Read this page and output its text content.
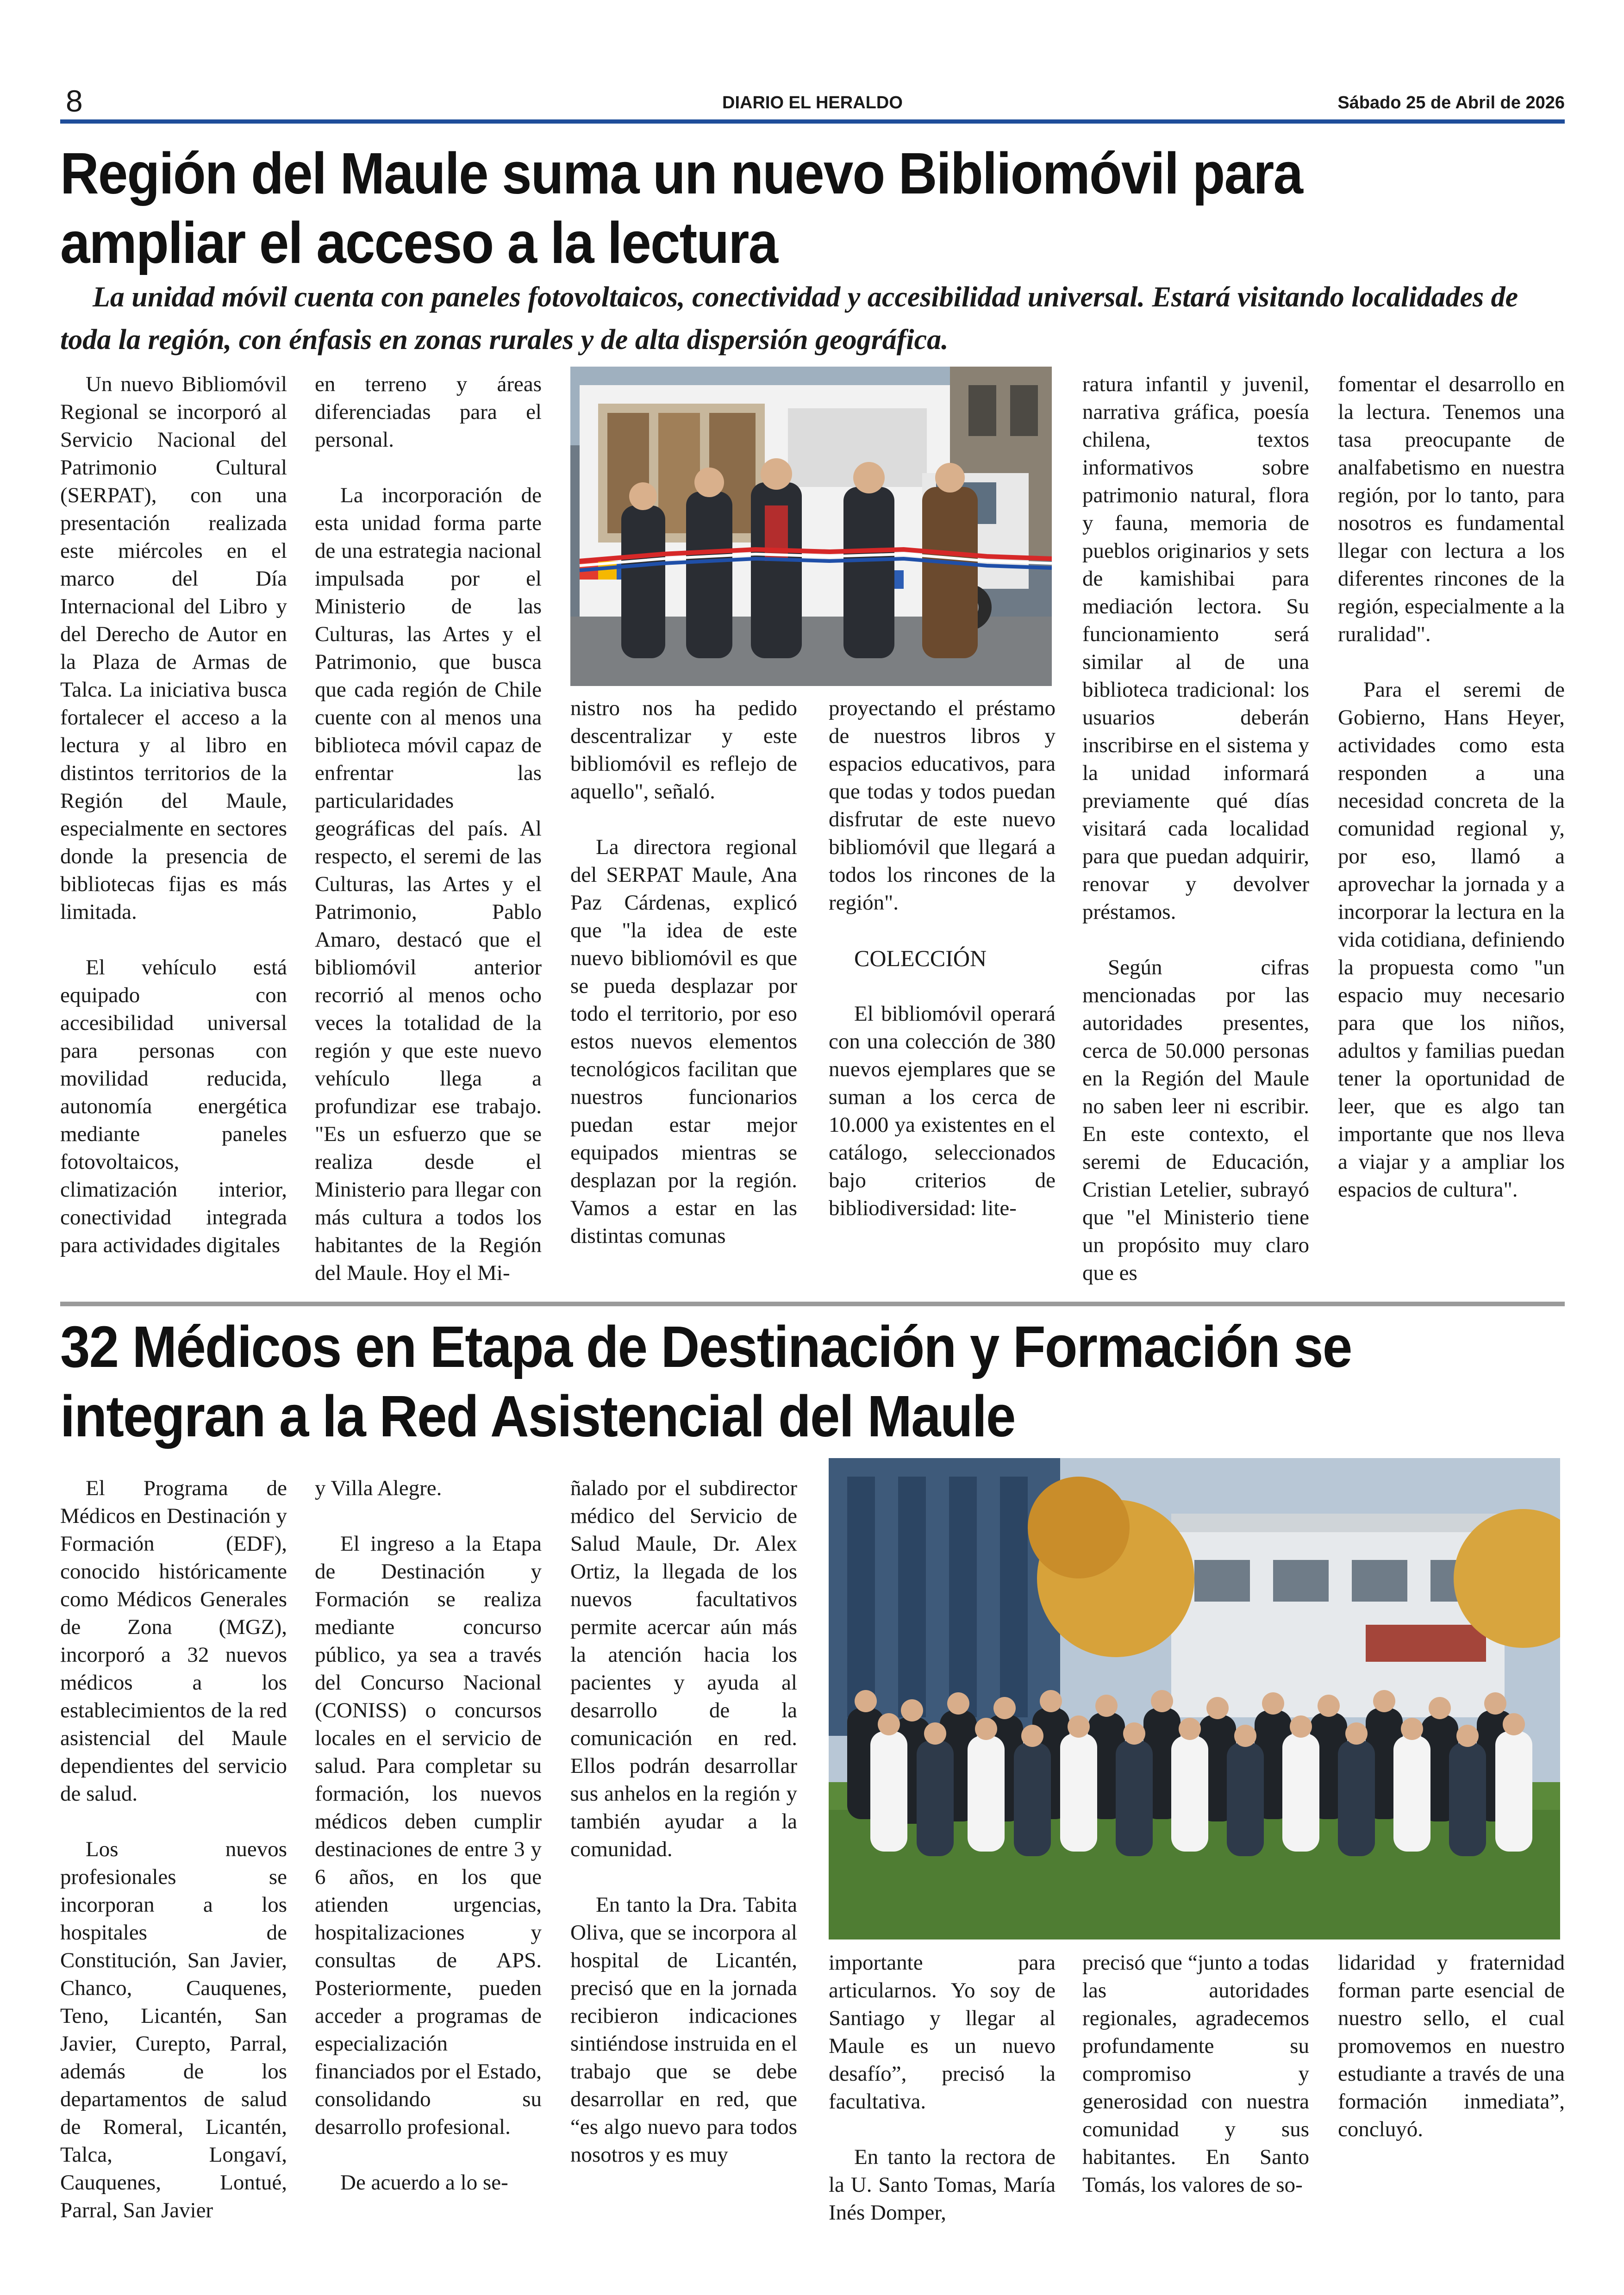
8	DIARIO EL HERALDO	Sábado 25 de Abril de 2026
Región del Maule suma un nuevo Bibliomóvil para
ampliar el acceso a la lectura
La unidad móvil cuenta con paneles fotovoltaicos, conectividad y accesibilidad universal. Estará visitando localidades de toda la región, con énfasis en zonas rurales y de alta dispersión geográfica.

Un nuevo Bibliomóvil Regional se incorporó al Servicio Nacional del Patrimonio Cultural (SERPAT), con una presentación realizada este miércoles en el marco del Día Internacional del Libro y del Derecho de Autor en la Plaza de Armas de Talca. La iniciativa busca fortalecer el acceso a la lectura y al libro en distintos territorios de la Región del Maule, especialmente en sectores donde la presencia de bibliotecas fijas es más limitada.

El vehículo está equipado con accesibilidad universal para personas con movilidad reducida, autonomía energética mediante paneles fotovoltaicos, climatización interior, conectividad integrada para actividades digitales

en terreno y áreas diferenciadas para el personal.

La incorporación de esta unidad forma parte de una estrategia nacional impulsada por el Ministerio de las Culturas, las Artes y el Patrimonio, que busca que cada región de Chile cuente con al menos una biblioteca móvil capaz de enfrentar las particularidades geográficas del país. Al respecto, el seremi de las Culturas, las Artes y el Patrimonio, Pablo Amaro, destacó que el bibliomóvil anterior recorrió al menos ocho veces la totalidad de la región y que este nuevo vehículo llega a profundizar ese trabajo. "Es un esfuerzo que se realiza desde el Ministerio para llegar con más cultura a todos los habitantes de la Región del Maule. Hoy el Mi-

nistro nos ha pedido descentralizar y este bibliomóvil es reflejo de aquello", señaló.

La directora regional del SERPAT Maule, Ana Paz Cárdenas, explicó que "la idea de este nuevo bibliomóvil es que se pueda desplazar por todo el territorio, por eso estos nuevos elementos tecnológicos facilitan que nuestros funcionarios puedan estar mejor equipados mientras se desplazan por la región. Vamos a estar en las distintas comunas

proyectando el préstamo de nuestros libros y espacios educativos, para que todas y todos puedan disfrutar de este nuevo bibliomóvil que llegará a todos los rincones de la región".

COLECCIÓN

El bibliomóvil operará con una colección de 380 nuevos ejemplares que se suman a los cerca de 10.000 ya existentes en el catálogo, seleccionados bajo criterios de bibliodiversidad: lite-

ratura infantil y juvenil, narrativa gráfica, poesía chilena, textos informativos sobre patrimonio natural, flora y fauna, memoria de pueblos originarios y sets de kamishibai para mediación lectora. Su funcionamiento será similar al de una biblioteca tradicional: los usuarios deberán inscribirse en el sistema y la unidad informará previamente qué días visitará cada localidad para que puedan adquirir, renovar y devolver préstamos.

Según cifras mencionadas por las autoridades presentes, cerca de 50.000 personas en la Región del Maule no saben leer ni escribir. En este contexto, el seremi de Educación, Cristian Letelier, subrayó que "el Ministerio tiene un propósito muy claro que es

fomentar el desarrollo en la lectura. Tenemos una tasa preocupante de analfabetismo en nuestra región, por lo tanto, para nosotros es fundamental llegar con lectura a los diferentes rincones de la región, especialmente a la ruralidad".

Para el seremi de Gobierno, Hans Heyer, actividades como esta responden a una necesidad concreta de la comunidad regional y, por eso, llamó a aprovechar la jornada y a incorporar la lectura en la vida cotidiana, definiendo la propuesta como "un espacio muy necesario para que los niños, adultos y familias puedan tener la oportunidad de leer, que es algo tan importante que nos lleva a viajar y a ampliar los espacios de cultura".

32 Médicos en Etapa de Destinación y Formación se
integran a la Red Asistencial del Maule

El Programa de Médicos en Destinación y Formación (EDF), conocido históricamente como Médicos Generales de Zona (MGZ), incorporó a 32 nuevos médicos a los establecimientos de la red asistencial del Maule dependientes del servicio de salud.

Los nuevos profesionales se incorporan a los hospitales de Constitución, San Javier, Chanco, Cauquenes, Teno, Licantén, San Javier, Curepto, Parral, además de los departamentos de salud de Romeral, Licantén, Talca, Longaví, Cauquenes, Lontué, Parral, San Javier

y Villa Alegre.

El ingreso a la Etapa de Destinación y Formación se realiza mediante concurso público, ya sea a través del Concurso Nacional (CONISS) o concursos locales en el servicio de salud. Para completar su formación, los nuevos médicos deben cumplir destinaciones de entre 3 y 6 años, en los que atienden urgencias, hospitalizaciones y consultas de APS. Posteriormente, pueden acceder a programas de especialización financiados por el Estado, consolidando su desarrollo profesional.

De acuerdo a lo se-

ñalado por el subdirector médico del Servicio de Salud Maule, Dr. Alex Ortiz, la llegada de los nuevos facultativos permite acercar aún más la atención hacia los pacientes y ayuda al desarrollo de la comunicación en red. Ellos podrán desarrollar sus anhelos en la región y también ayudar a la comunidad.

En tanto la Dra. Tabita Oliva, que se incorpora al hospital de Licantén, precisó que en la jornada recibieron indicaciones sintiéndose instruida en el trabajo que se debe desarrollar en red, que “es algo nuevo para todos nosotros y es muy

importante para articularnos. Yo soy de Santiago y llegar al Maule es un nuevo desafío”, precisó la facultativa.

En tanto la rectora de la U. Santo Tomas, María Inés Domper,

precisó que “junto a todas las autoridades regionales, agradecemos profundamente su compromiso y generosidad con nuestra comunidad y sus habitantes. En Santo Tomás, los valores de so-

lidaridad y fraternidad forman parte esencial de nuestro sello, el cual promovemos en nuestro estudiante a través de una formación inmediata”, concluyó.
